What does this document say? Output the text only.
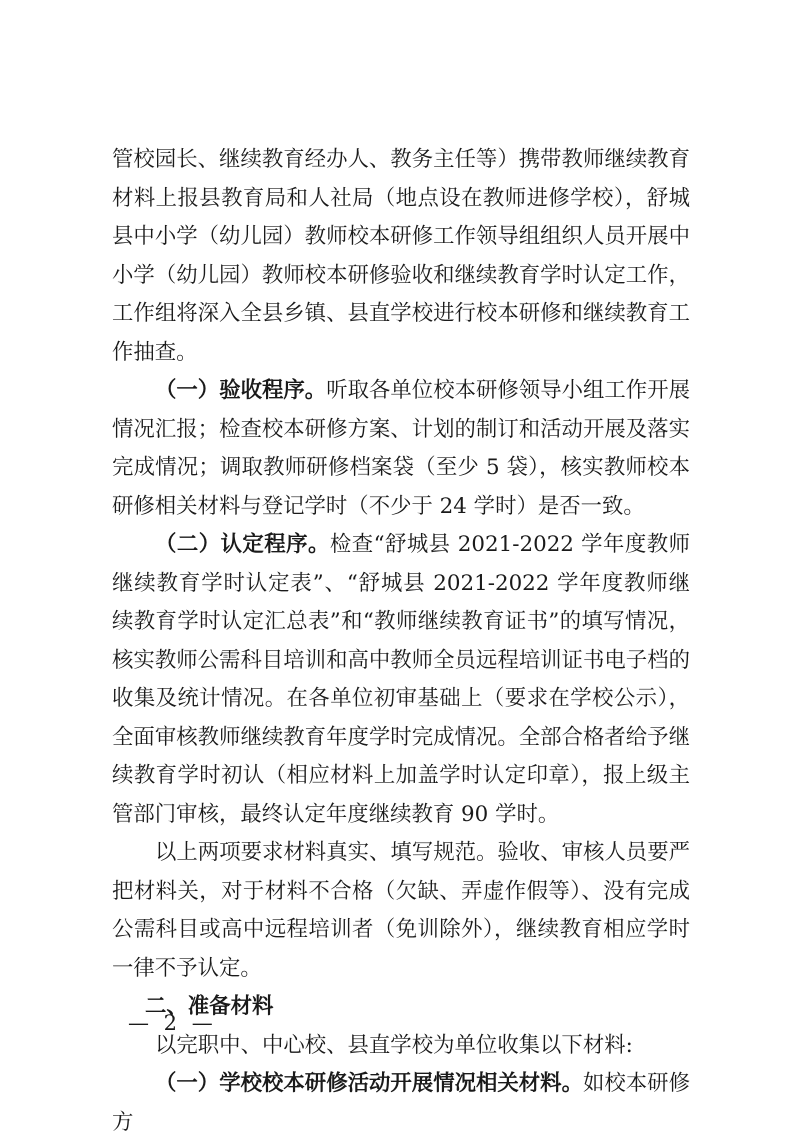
管校园长、继续教育经办人、教务主任等）携带教师继续教育材料上报县教育局和人社局（地点设在教师进修学校），舒城县中小学（幼儿园）教师校本研修工作领导组组织人员开展中小学（幼儿园）教师校本研修验收和继续教育学时认定工作，工作组将深入全县乡镇、县直学校进行校本研修和继续教育工作抽查。

（一）验收程序。听取各单位校本研修领导小组工作开展情况汇报；检查校本研修方案、计划的制订和活动开展及落实完成情况；调取教师研修档案袋（至少 5 袋），核实教师校本研修相关材料与登记学时（不少于 24 学时）是否一致。

（二）认定程序。检查“舒城县 2021-2022 学年度教师继续教育学时认定表”、“舒城县 2021-2022 学年度教师继续教育学时认定汇总表”和“教师继续教育证书”的填写情况，核实教师公需科目培训和高中教师全员远程培训证书电子档的收集及统计情况。在各单位初审基础上（要求在学校公示），全面审核教师继续教育年度学时完成情况。全部合格者给予继续教育学时初认（相应材料上加盖学时认定印章），报上级主管部门审核，最终认定年度继续教育 90 学时。

以上两项要求材料真实、填写规范。验收、审核人员要严把材料关，对于材料不合格（欠缺、弄虚作假等）、没有完成公需科目或高中远程培训者（免训除外），继续教育相应学时一律不予认定。

二、准备材料

以完职中、中心校、县直学校为单位收集以下材料:

（一）学校校本研修活动开展情况相关材料。如校本研修方

— 2 —
